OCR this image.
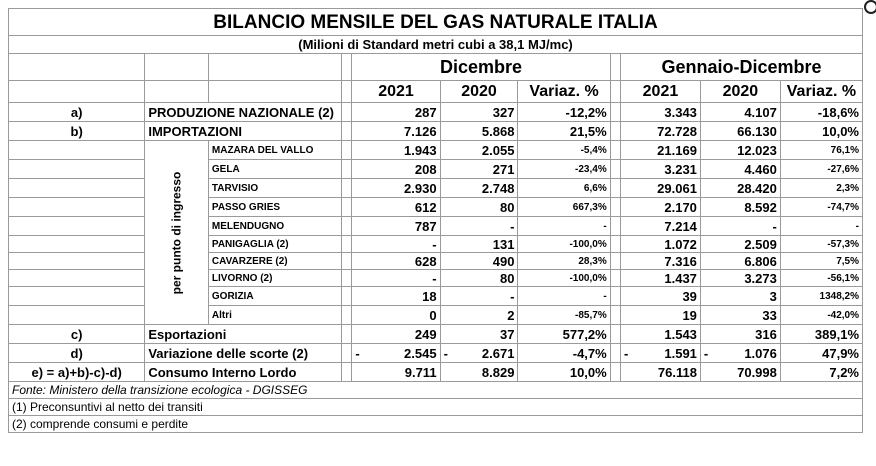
BILANCIO MENSILE DEL GAS NATURALE ITALIA										
(Milioni di Standard metri cubi a 38,1 MJ/mc)										
				Dicembre				Gennaio-Dicembre		
				2021	2020	Variaz. %		2021	2020	Variaz. %
a)	PRODUZIONE NAZIONALE (2)			287	327	-12,2%		3.343	4.107	-18,6%
b)	IMPORTAZIONI			7.126	5.868	21,5%		72.728	66.130	10,0%

	per punto di ingresso	MAZARA DEL VALLO		1.943	2.055	-5,4%		21.169	12.023	76,1%
		GELA		208	271	-23,4%		3.231	4.460	-27,6%
		TARVISIO		2.930	2.748	6,6%		29.061	28.420	2,3%
		PASSO GRIES		612	80	667,3%		2.170	8.592	-74,7%
		MELENDUGNO		787	-	-		7.214	-	-
		PANIGAGLIA (2)		-	131	-100,0%		1.072	2.509	-57,3%
		CAVARZERE (2)		628	490	28,3%		7.316	6.806	7,5%
		LIVORNO (2)		-	80	-100,0%		1.437	3.273	-56,1%
		GORIZIA		18	-	-		39	3	1348,2%
		Altri		0	2	-85,7%		19	33	-42,0%
c)	Esportazioni			249	37	577,2%		1.543	316	389,1%
d)	Variazione delle scorte (2)			- 2.545	- 2.671	-4,7%		- 1.591	- 1.076	47,9%
e) = a)+b)-c)-d)	Consumo Interno Lordo			9.711	8.829	10,0%		76.118	70.998	7,2%
Fonte: Ministero della transizione ecologica - DGISSEG										
(1) Preconsuntivi al netto dei transiti										
(2) comprende consumi e perdite										
